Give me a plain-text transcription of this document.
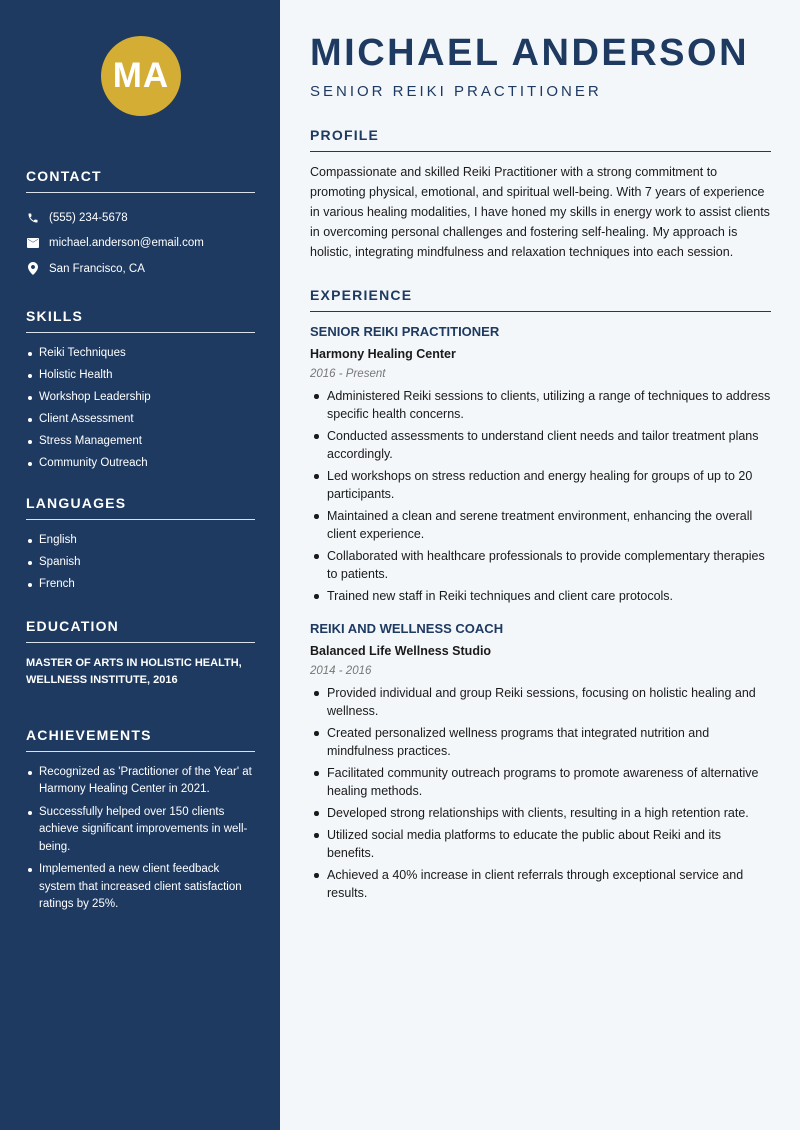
MA
CONTACT
(555) 234-5678
michael.anderson@email.com
San Francisco, CA
SKILLS
Reiki Techniques
Holistic Health
Workshop Leadership
Client Assessment
Stress Management
Community Outreach
LANGUAGES
English
Spanish
French
EDUCATION

MASTER OF ARTS IN HOLISTIC HEALTH, WELLNESS INSTITUTE, 2016

ACHIEVEMENTS
Recognized as 'Practitioner of the Year' at Harmony Healing Center in 2021.
Successfully helped over 150 clients achieve significant improvements in well-being.
Implemented a new client feedback system that increased client satisfaction ratings by 25%.
MICHAEL ANDERSON
SENIOR REIKI PRACTITIONER
PROFILE

Compassionate and skilled Reiki Practitioner with a strong commitment to promoting physical, emotional, and spiritual well-being. With 7 years of experience in various healing modalities, I have honed my skills in energy work to assist clients in overcoming personal challenges and fostering self-healing. My approach is holistic, integrating mindfulness and relaxation techniques into each session.

EXPERIENCE
SENIOR REIKI PRACTITIONER
Harmony Healing Center
2016 - Present
Administered Reiki sessions to clients, utilizing a range of techniques to address specific health concerns.
Conducted assessments to understand client needs and tailor treatment plans accordingly.
Led workshops on stress reduction and energy healing for groups of up to 20 participants.
Maintained a clean and serene treatment environment, enhancing the overall client experience.
Collaborated with healthcare professionals to provide complementary therapies to patients.
Trained new staff in Reiki techniques and client care protocols.
REIKI AND WELLNESS COACH
Balanced Life Wellness Studio
2014 - 2016
Provided individual and group Reiki sessions, focusing on holistic healing and wellness.
Created personalized wellness programs that integrated nutrition and mindfulness practices.
Facilitated community outreach programs to promote awareness of alternative healing methods.
Developed strong relationships with clients, resulting in a high retention rate.
Utilized social media platforms to educate the public about Reiki and its benefits.
Achieved a 40% increase in client referrals through exceptional service and results.
